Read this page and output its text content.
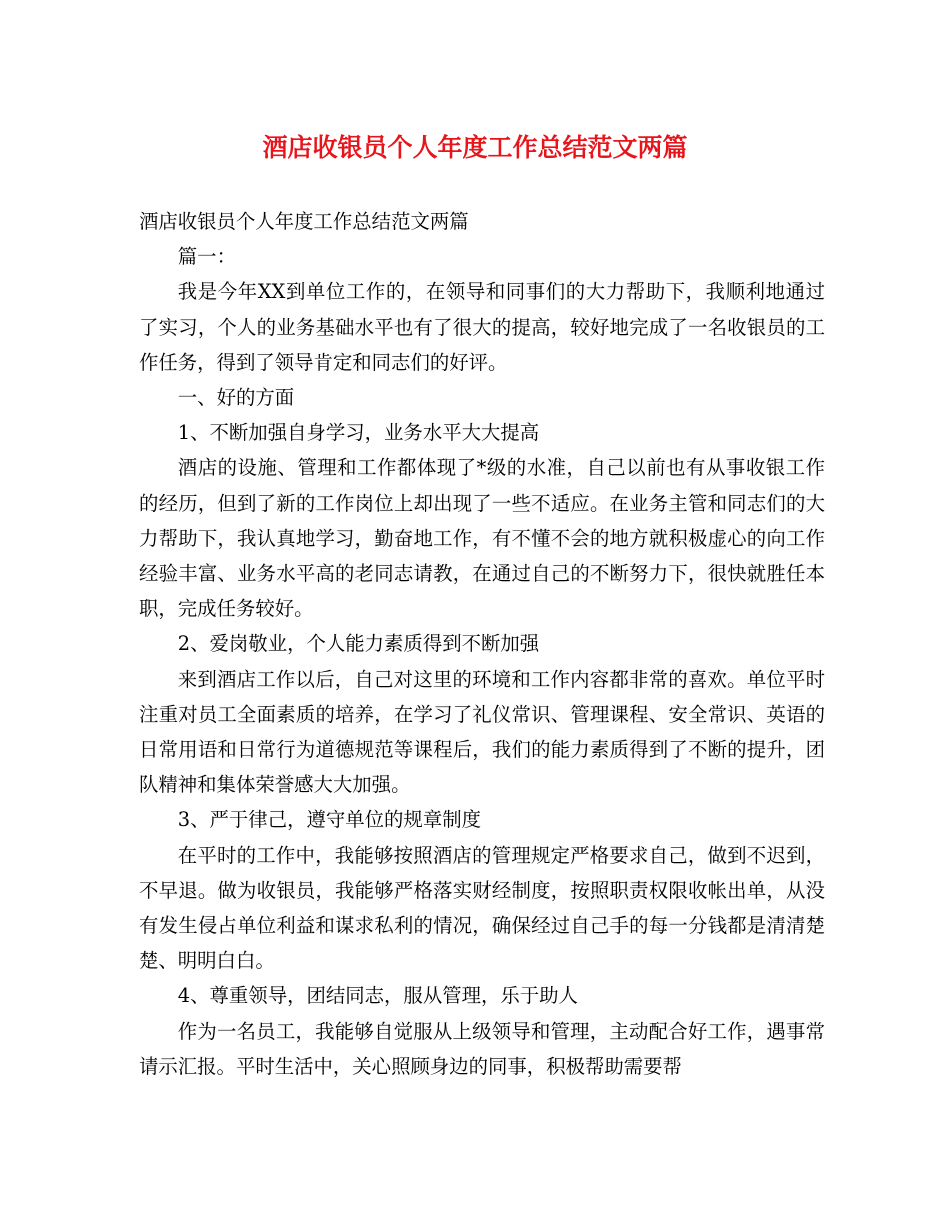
酒店收银员个人年度工作总结范文两篇

酒店收银员个人年度工作总结范文两篇

篇一：

我是今年XX到单位工作的，在领导和同事们的大力帮助下，我顺利地通过了实习，个人的业务基础水平也有了很大的提高，较好地完成了一名收银员的工作任务，得到了领导肯定和同志们的好评。

一、好的方面

1、不断加强自身学习，业务水平大大提高

酒店的设施、管理和工作都体现了*级的水准，自己以前也有从事收银工作的经历，但到了新的工作岗位上却出现了一些不适应。在业务主管和同志们的大力帮助下，我认真地学习，勤奋地工作，有不懂不会的地方就积极虚心的向工作经验丰富、业务水平高的老同志请教，在通过自己的不断努力下，很快就胜任本职，完成任务较好。

2、爱岗敬业，个人能力素质得到不断加强

来到酒店工作以后，自己对这里的环境和工作内容都非常的喜欢。单位平时注重对员工全面素质的培养，在学习了礼仪常识、管理课程、安全常识、英语的日常用语和日常行为道德规范等课程后，我们的能力素质得到了不断的提升，团队精神和集体荣誉感大大加强。

3、严于律己，遵守单位的规章制度

在平时的工作中，我能够按照酒店的管理规定严格要求自己，做到不迟到，不早退。做为收银员，我能够严格落实财经制度，按照职责权限收帐出单，从没有发生侵占单位利益和谋求私利的情况，确保经过自己手的每一分钱都是清清楚楚、明明白白。

4、尊重领导，团结同志，服从管理，乐于助人

作为一名员工，我能够自觉服从上级领导和管理，主动配合好工作，遇事常请示汇报。平时生活中，关心照顾身边的同事，积极帮助需要帮
